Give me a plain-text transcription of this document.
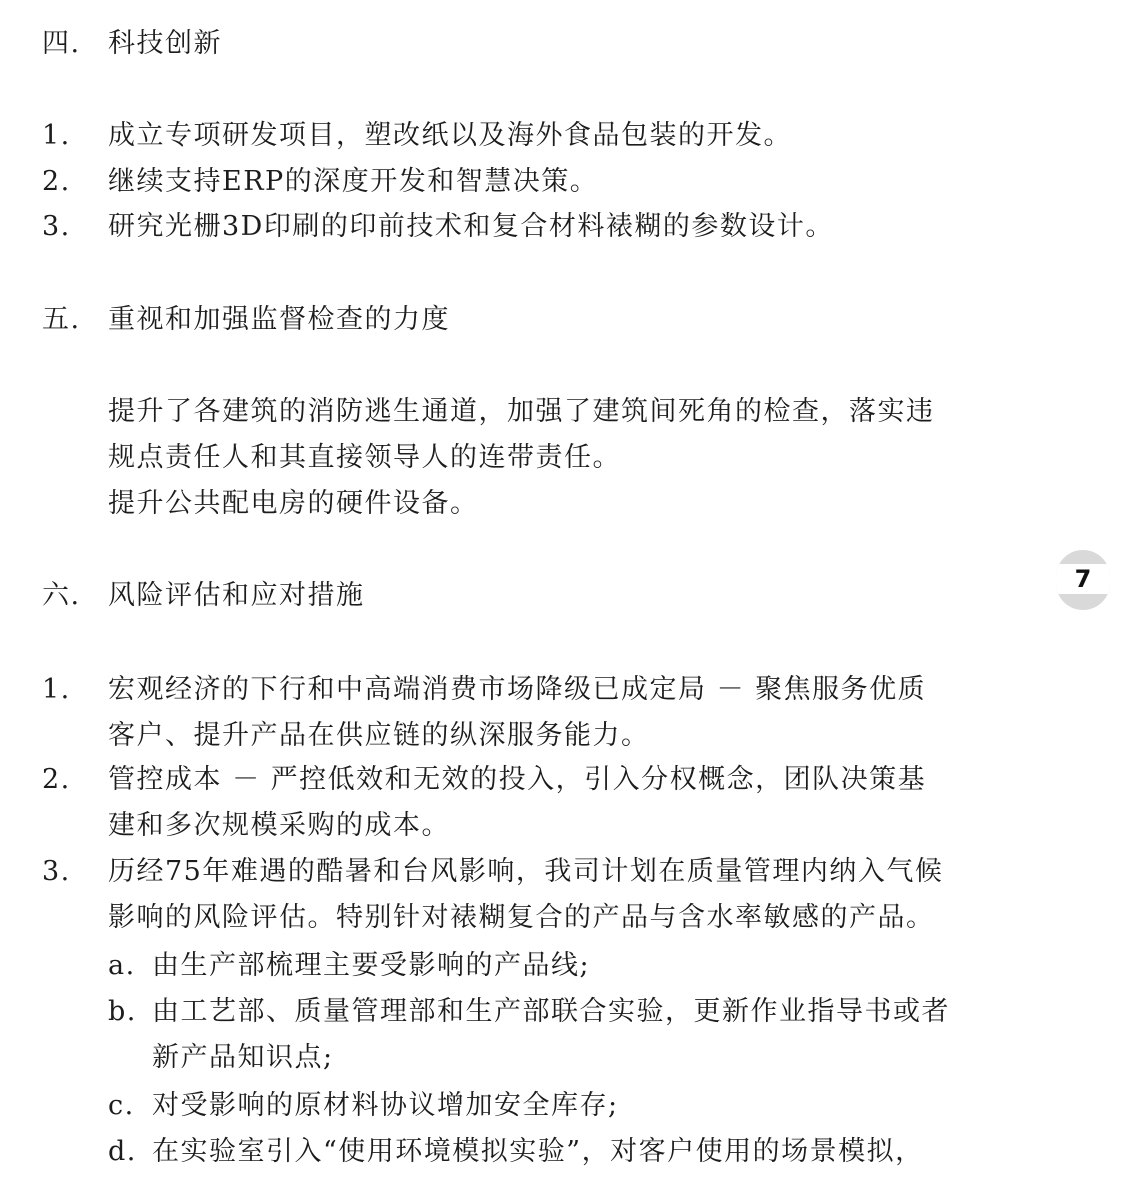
四. 科技创新
1. 成立专项研发项目，塑改纸以及海外食品包装的开发。
2. 继续支持ERP的深度开发和智慧决策。
3. 研究光栅3D印刷的印前技术和复合材料裱糊的参数设计。
五. 重视和加强监督检查的力度
提升了各建筑的消防逃生通道，加强了建筑间死角的检查，落实违
规点责任人和其直接领导人的连带责任。
提升公共配电房的硬件设备。
六. 风险评估和应对措施
1. 宏观经济的下行和中高端消费市场降级已成定局 － 聚焦服务优质
客户、提升产品在供应链的纵深服务能力。
2. 管控成本 － 严控低效和无效的投入，引入分权概念，团队决策基
建和多次规模采购的成本。
3. 历经75年难遇的酷暑和台风影响，我司计划在质量管理内纳入气候
影响的风险评估。特别针对裱糊复合的产品与含水率敏感的产品。
a. 由生产部梳理主要受影响的产品线;
b. 由工艺部、质量管理部和生产部联合实验，更新作业指导书或者
新产品知识点;
c. 对受影响的原材料协议增加安全库存;
d. 在实验室引入“使用环境模拟实验”，对客户使用的场景模拟，
7
